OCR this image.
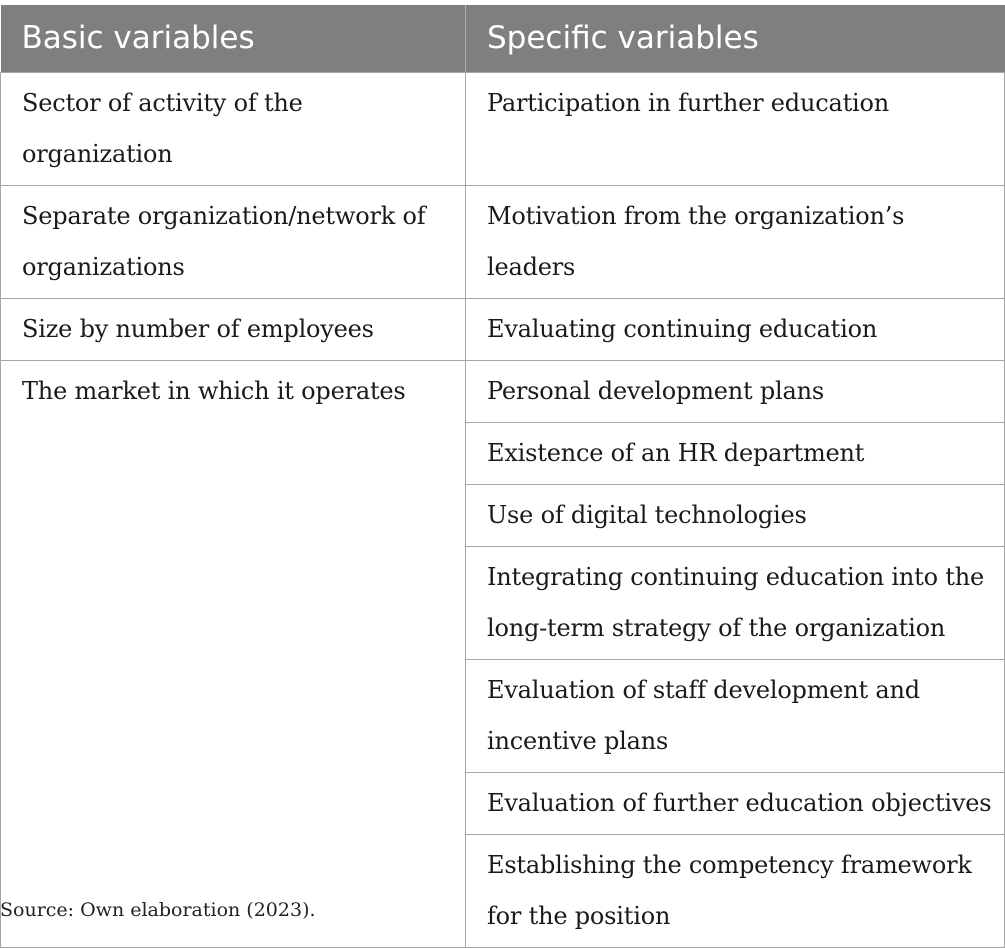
Basic variables	Specific variables
Sector of activity of the organization	Participation in further education
Separate organization/network of organizations	Motivation from the organization’s leaders
Size by number of employees	Evaluating continuing education
The market in which it operates	Personal development plans
	Existence of an HR department
	Use of digital technologies
	Integrating continuing education into the long-term strategy of the organization
	Evaluation of staff development and incentive plans
	Evaluation of further education objectives
	Establishing the competency framework for the position
Source: Own elaboration (2023).
